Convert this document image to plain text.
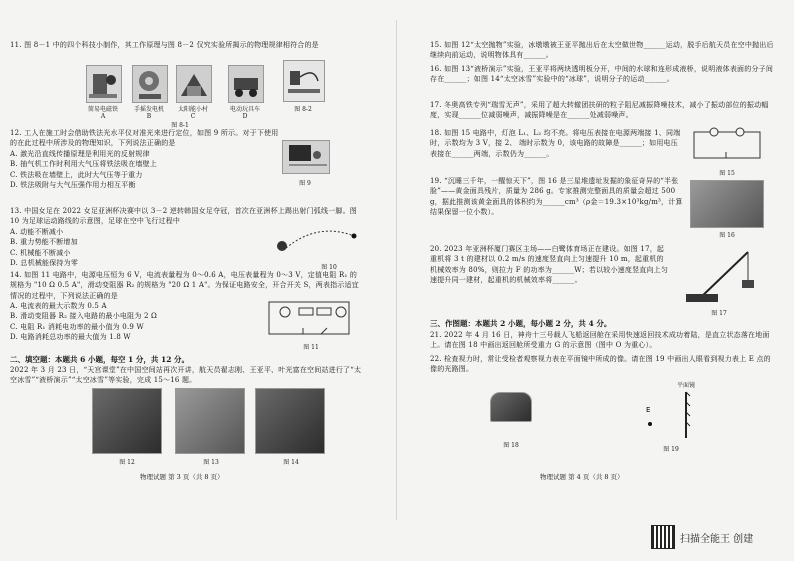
11. 图 8－1 中的四个科技小制作，其工作原理与图 8－2 仅究实验所揭示的物理规律相符合的是

简易电磁铁	手摇发电机	太阳能小村	电动玩具车
A	B	C	D
图 8-1
图 8-2

12. 工人在施工时会借助铁法光水平仪对准光来进行定位，如图 9 所示。对于下使用的在此过程中所涉及的物理知识，下列说法正确的是

A. 激光沿直线传播原理是利用光的反射规律

B. 抽气机工作时利用大气压将铁法吸在墙壁上

C. 铁法吸在墙壁上，此时大气压等于重力

D. 铁法吸附与大气压强作用力相互平衡	图 9

13. 中国女足在 2022 女足亚洲杯决赛中以 3－2 逆转韩国女足夺冠，首次在亚洲杯上踢出射门弧线一脚。图 10 为足球运动路线的示意图，足球在空中飞行过程中

A. 动能不断减小

B. 重力势能不断增加

C. 机械能不断减小

D. 总机械能保持为零

图 10

14. 如图 11 电路中，电源电压恒为 6 V，电流表量程为 0～0.6 A，电压表量程为 0～3 V，定值电阻 R₁ 的规格为 "10 Ω 0.5 A"，滑动变阻器 R₂ 的规格为 "20 Ω 1 A"。为保证电路安全，开合开关 S，两表指示适宜情况的过程中，下列说法正确的是

A. 电流表的最大示数为 0.5 A

B. 滑动变阻器 R₂ 接入电路的最小电阻为 2 Ω

C. 电阻 R₁ 消耗电功率的最小值为 0.9 W

D. 电路消耗总功率的最大值为 1.8 W

图 11
二、填空题：本题共 6 小题，每空 1 分，共 12 分。

2022 年 3 月 23 日，“天宫课堂”在中国空间站再次开讲，航天员翟志刚、王亚平、叶光富在空间站进行了“太空冰雪”“液桥演示”“太空冰雪”等实验，完成 15～16 题。

图 12	图 13	图 14
物理试题 第 3 页（共 8 页）

15. 如图 12“太空抛物”实验，冰墩墩被王亚平抛出后在太空做世物______运动，脱手后航天员在空中抛出后继续向前运动，说明物体具有______。

16. 如图 13“液桥演示”实验，王亚平将两块透明板分开，中间的水球和连形成液桥，说明液体表面的分子间存在______；如图 14“太空冰雪”实验中的“冰球”，说明分子的运动______。

17. 冬奥高铁专列“瑞雪无声”，采用了超大转辙团扶研的粒子阻尼减振降噪技术，减小了振动部位的振动幅度，实现______位减弱噪声，减振降噪是在______处减弱噪声。

18. 如图 15 电路中，灯泡 L₁、L₂ 均不亮。将电压表接在电源两端接 1、同端时，示数均为 3 V，接 2、 端时示数为 0，该电路的故障是______；如用电压表接在______两端，示数仍为______。

图 15

19. “沉睡三千年，一醒惊天下”，图 16 是三星堆遗址发掘的象征奇异的“半张脸”——黄金面具残片，质量为 286 g。专家推测完整面具的质量会超过 500 g，据此推测该黄金面具的体积约为______cm³（ρ金＝19.3×10³kg/m³，计算结果保留一位小数）。

图 16

20. 2023 年亚洲杯厦门赛区主场——白鹭体育场正在建设。如图 17，起重机将 3 t 的建材以 0.2 m/s 的速度竖直向上匀速提升 10 m，起重机的机械效率为 80%，则拉力 F 的功率为______W；若以较小速度竖直向上匀速提升同一建材，起重机的机械效率将______。

图 17
三、作图题：本题共 2 小题，每小题 2 分，共 4 分。

21. 2022 年 4 月 16 日，神舟十三号载人飞船返回舱在采用快速返回技术成功着陆，是直立状态落在地面上。请在图 18 中画出返回舱所受重力 G 的示意图（图中 O 为重心）。

22. 检查视力时，常让受检者观察视力表在平面镜中所成的像。请在图 19 中画出人眼看到视力表上 E 点的像的光路图。

图 18
平面镜
E
图 19
物理试题 第 4 页（共 8 页）
扫描全能王 创建
